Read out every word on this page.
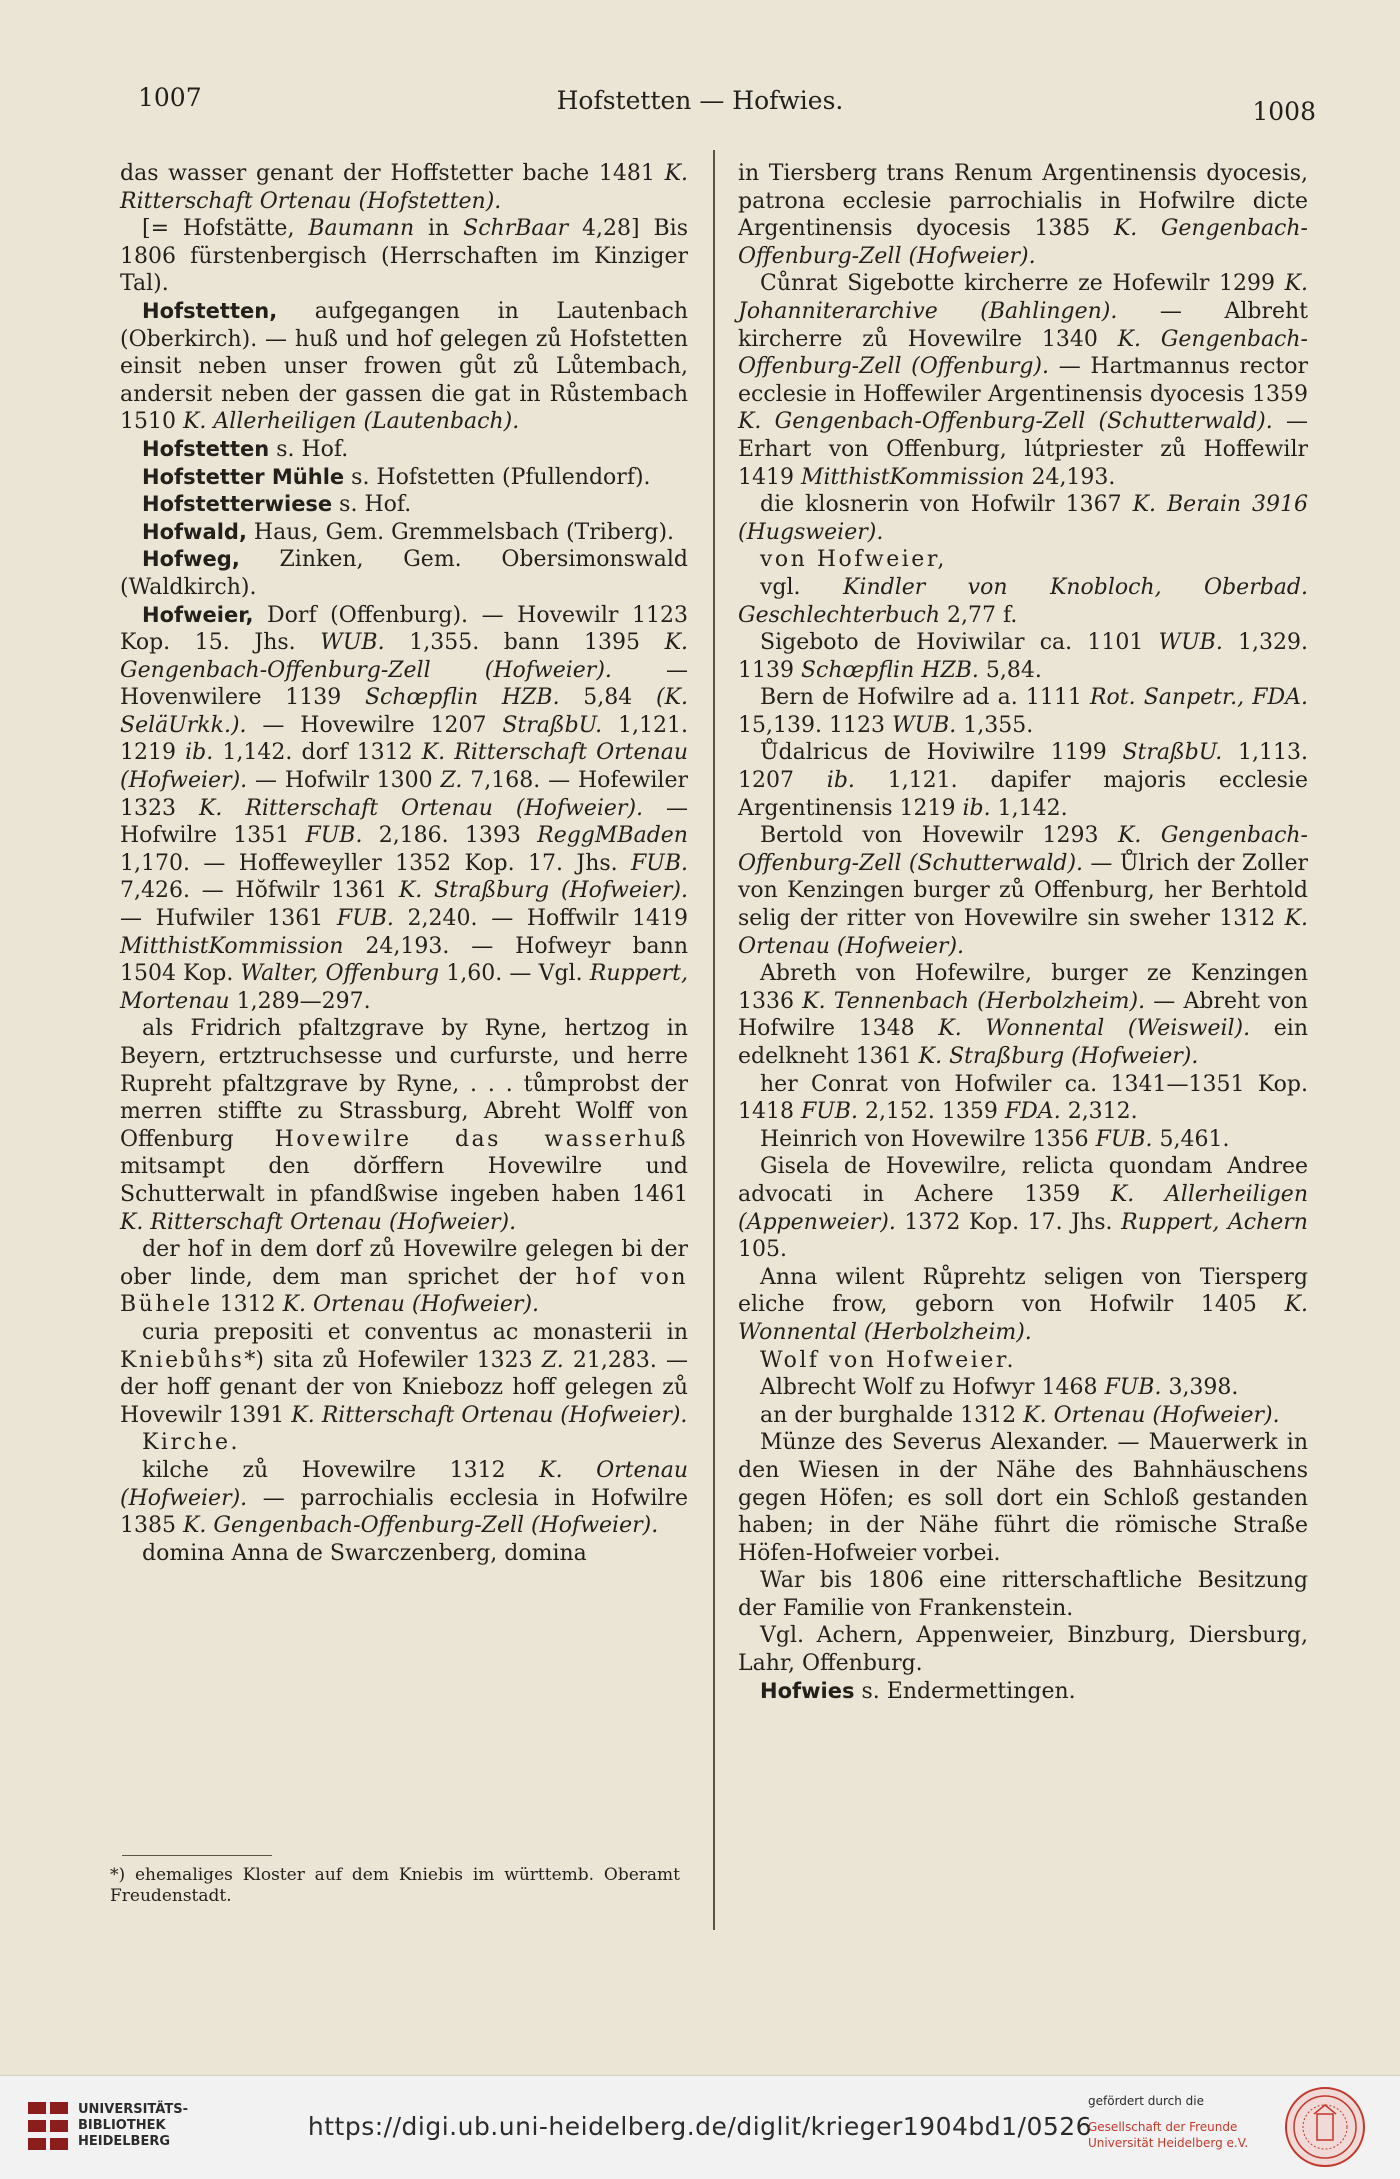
1007	Hofstetten — Hofwies.	1008

das wasser genant der Hoffstetter bache 1481 K. Ritterschaft Ortenau (Hofstetten).

[= Hofstätte, Baumann in SchrBaar 4,28] Bis 1806 fürstenbergisch (Herrschaften im Kinziger Tal).

Hofstetten, aufgegangen in Lautenbach (Oberkirch). — huß und hof gelegen zů Hofstetten einsit neben unser frowen gůt zů Lůtembach, andersit neben der gassen die gat in Růstembach 1510 K. Allerheiligen (Lautenbach).

Hofstetten s. Hof.

Hofstetter Mühle s. Hofstetten (Pfullendorf).

Hofstetterwiese s. Hof.

Hofwald, Haus, Gem. Gremmelsbach (Triberg).

Hofweg, Zinken, Gem. Obersimonswald (Waldkirch).

Hofweier, Dorf (Offenburg). — Hovewilr 1123 Kop. 15. Jhs. WUB. 1,355. bann 1395 K. Gengenbach-Offenburg-Zell (Hofweier). — Hovenwilere 1139 Schœpflin HZB. 5,84 (K. SeläUrkk.). — Hovewilre 1207 StraßbU. 1,121. 1219 ib. 1,142. dorf 1312 K. Ritterschaft Ortenau (Hofweier). — Hofwilr 1300 Z. 7,168. — Hofewiler 1323 K. Ritterschaft Ortenau (Hofweier). — Hofwilre 1351 FUB. 2,186. 1393 ReggMBaden 1,170. — Hoffeweyller 1352 Kop. 17. Jhs. FUB. 7,426. — Hŏfwilr 1361 K. Straßburg (Hofweier). — Hufwiler 1361 FUB. 2,240. — Hoffwilr 1419 MitthistKommission 24,193. — Hofweyr bann 1504 Kop. Walter, Offenburg 1,60. — Vgl. Ruppert, Mortenau 1,289—297.

als Fridrich pfaltzgrave by Ryne, hertzog in Beyern, ertztruchsesse und curfurste, und herre Rupreht pfaltzgrave by Ryne, . . . tůmprobst der merren stiffte zu Strassburg, Abreht Wolff von Offenburg Hovewilre das wasserhuß mitsampt den dŏrffern Hovewilre und Schutterwalt in pfandßwise ingeben haben 1461 K. Ritterschaft Ortenau (Hofweier).

der hof in dem dorf zů Hovewilre gelegen bi der ober linde, dem man sprichet der hof von Bühele 1312 K. Ortenau (Hofweier).

curia prepositi et conventus ac monasterii in Kniebůhs*) sita zů Hofewiler 1323 Z. 21,283. — der hoff genant der von Kniebozz hoff gelegen zů Hovewilr 1391 K. Ritterschaft Ortenau (Hofweier).

Kirche.

kilche zů Hovewilre 1312 K. Ortenau (Hofweier). — parrochialis ecclesia in Hofwilre 1385 K. Gengenbach-Offenburg-Zell (Hofweier).

domina Anna de Swarczenberg, domina

*) ehemaliges Kloster auf dem Kniebis im württemb. Oberamt Freudenstadt.

in Tiersberg trans Renum Argentinensis dyocesis, patrona ecclesie parrochialis in Hofwilre dicte Argentinensis dyocesis 1385 K. Gengenbach-Offenburg-Zell (Hofweier).

Cůnrat Sigebotte kircherre ze Hofewilr 1299 K. Johanniterarchive (Bahlingen). — Albreht kircherre zů Hovewilre 1340 K. Gengenbach-Offenburg-Zell (Offenburg). — Hartmannus rector ecclesie in Hoffewiler Argentinensis dyocesis 1359 K. Gengenbach-Offenburg-Zell (Schutterwald). — Erhart von Offenburg, lútpriester zů Hoffewilr 1419 MitthistKommission 24,193.

die klosnerin von Hofwilr 1367 K. Berain 3916 (Hugsweier).

von Hofweier,

vgl. Kindler von Knobloch, Oberbad. Geschlechterbuch 2,77 f.

Sigeboto de Hoviwilar ca. 1101 WUB. 1,329. 1139 Schœpflin HZB. 5,84.

Bern de Hofwilre ad a. 1111 Rot. Sanpetr., FDA. 15,139. 1123 WUB. 1,355.

Ůdalricus de Hoviwilre 1199 StraßbU. 1,113. 1207 ib. 1,121. dapifer majoris ecclesie Argentinensis 1219 ib. 1,142.

Bertold von Hovewilr 1293 K. Gengenbach-Offenburg-Zell (Schutterwald). — Ůlrich der Zoller von Kenzingen burger zů Offenburg, her Berhtold selig der ritter von Hovewilre sin sweher 1312 K. Ortenau (Hofweier).

Abreth von Hofewilre, burger ze Kenzingen 1336 K. Tennenbach (Herbolzheim). — Abreht von Hofwilre 1348 K. Wonnental (Weisweil). ein edelkneht 1361 K. Straßburg (Hofweier).

her Conrat von Hofwiler ca. 1341—1351 Kop. 1418 FUB. 2,152. 1359 FDA. 2,312.

Heinrich von Hovewilre 1356 FUB. 5,461.

Gisela de Hovewilre, relicta quondam Andree advocati in Achere 1359 K. Allerheiligen (Appenweier). 1372 Kop. 17. Jhs. Ruppert, Achern 105.

Anna wilent Růprehtz seligen von Tiersperg eliche frow, geborn von Hofwilr 1405 K. Wonnental (Herbolzheim).

Wolf von Hofweier.

Albrecht Wolf zu Hofwyr 1468 FUB. 3,398.

an der burghalde 1312 K. Ortenau (Hofweier).

Münze des Severus Alexander. — Mauerwerk in den Wiesen in der Nähe des Bahnhäuschens gegen Höfen; es soll dort ein Schloß gestanden haben; in der Nähe führt die römische Straße Höfen-Hofweier vorbei.

War bis 1806 eine ritterschaftliche Besitzung der Familie von Frankenstein.

Vgl. Achern, Appenweier, Binzburg, Diersburg, Lahr, Offenburg.

Hofwies s. Endermettingen.

UNIVERSITÄTS-
BIBLIOTHEK
HEIDELBERG
https://digi.ub.uni-heidelberg.de/diglit/krieger1904bd1/0526
gefördert durch die
Gesellschaft der Freunde
Universität Heidelberg e.V.
